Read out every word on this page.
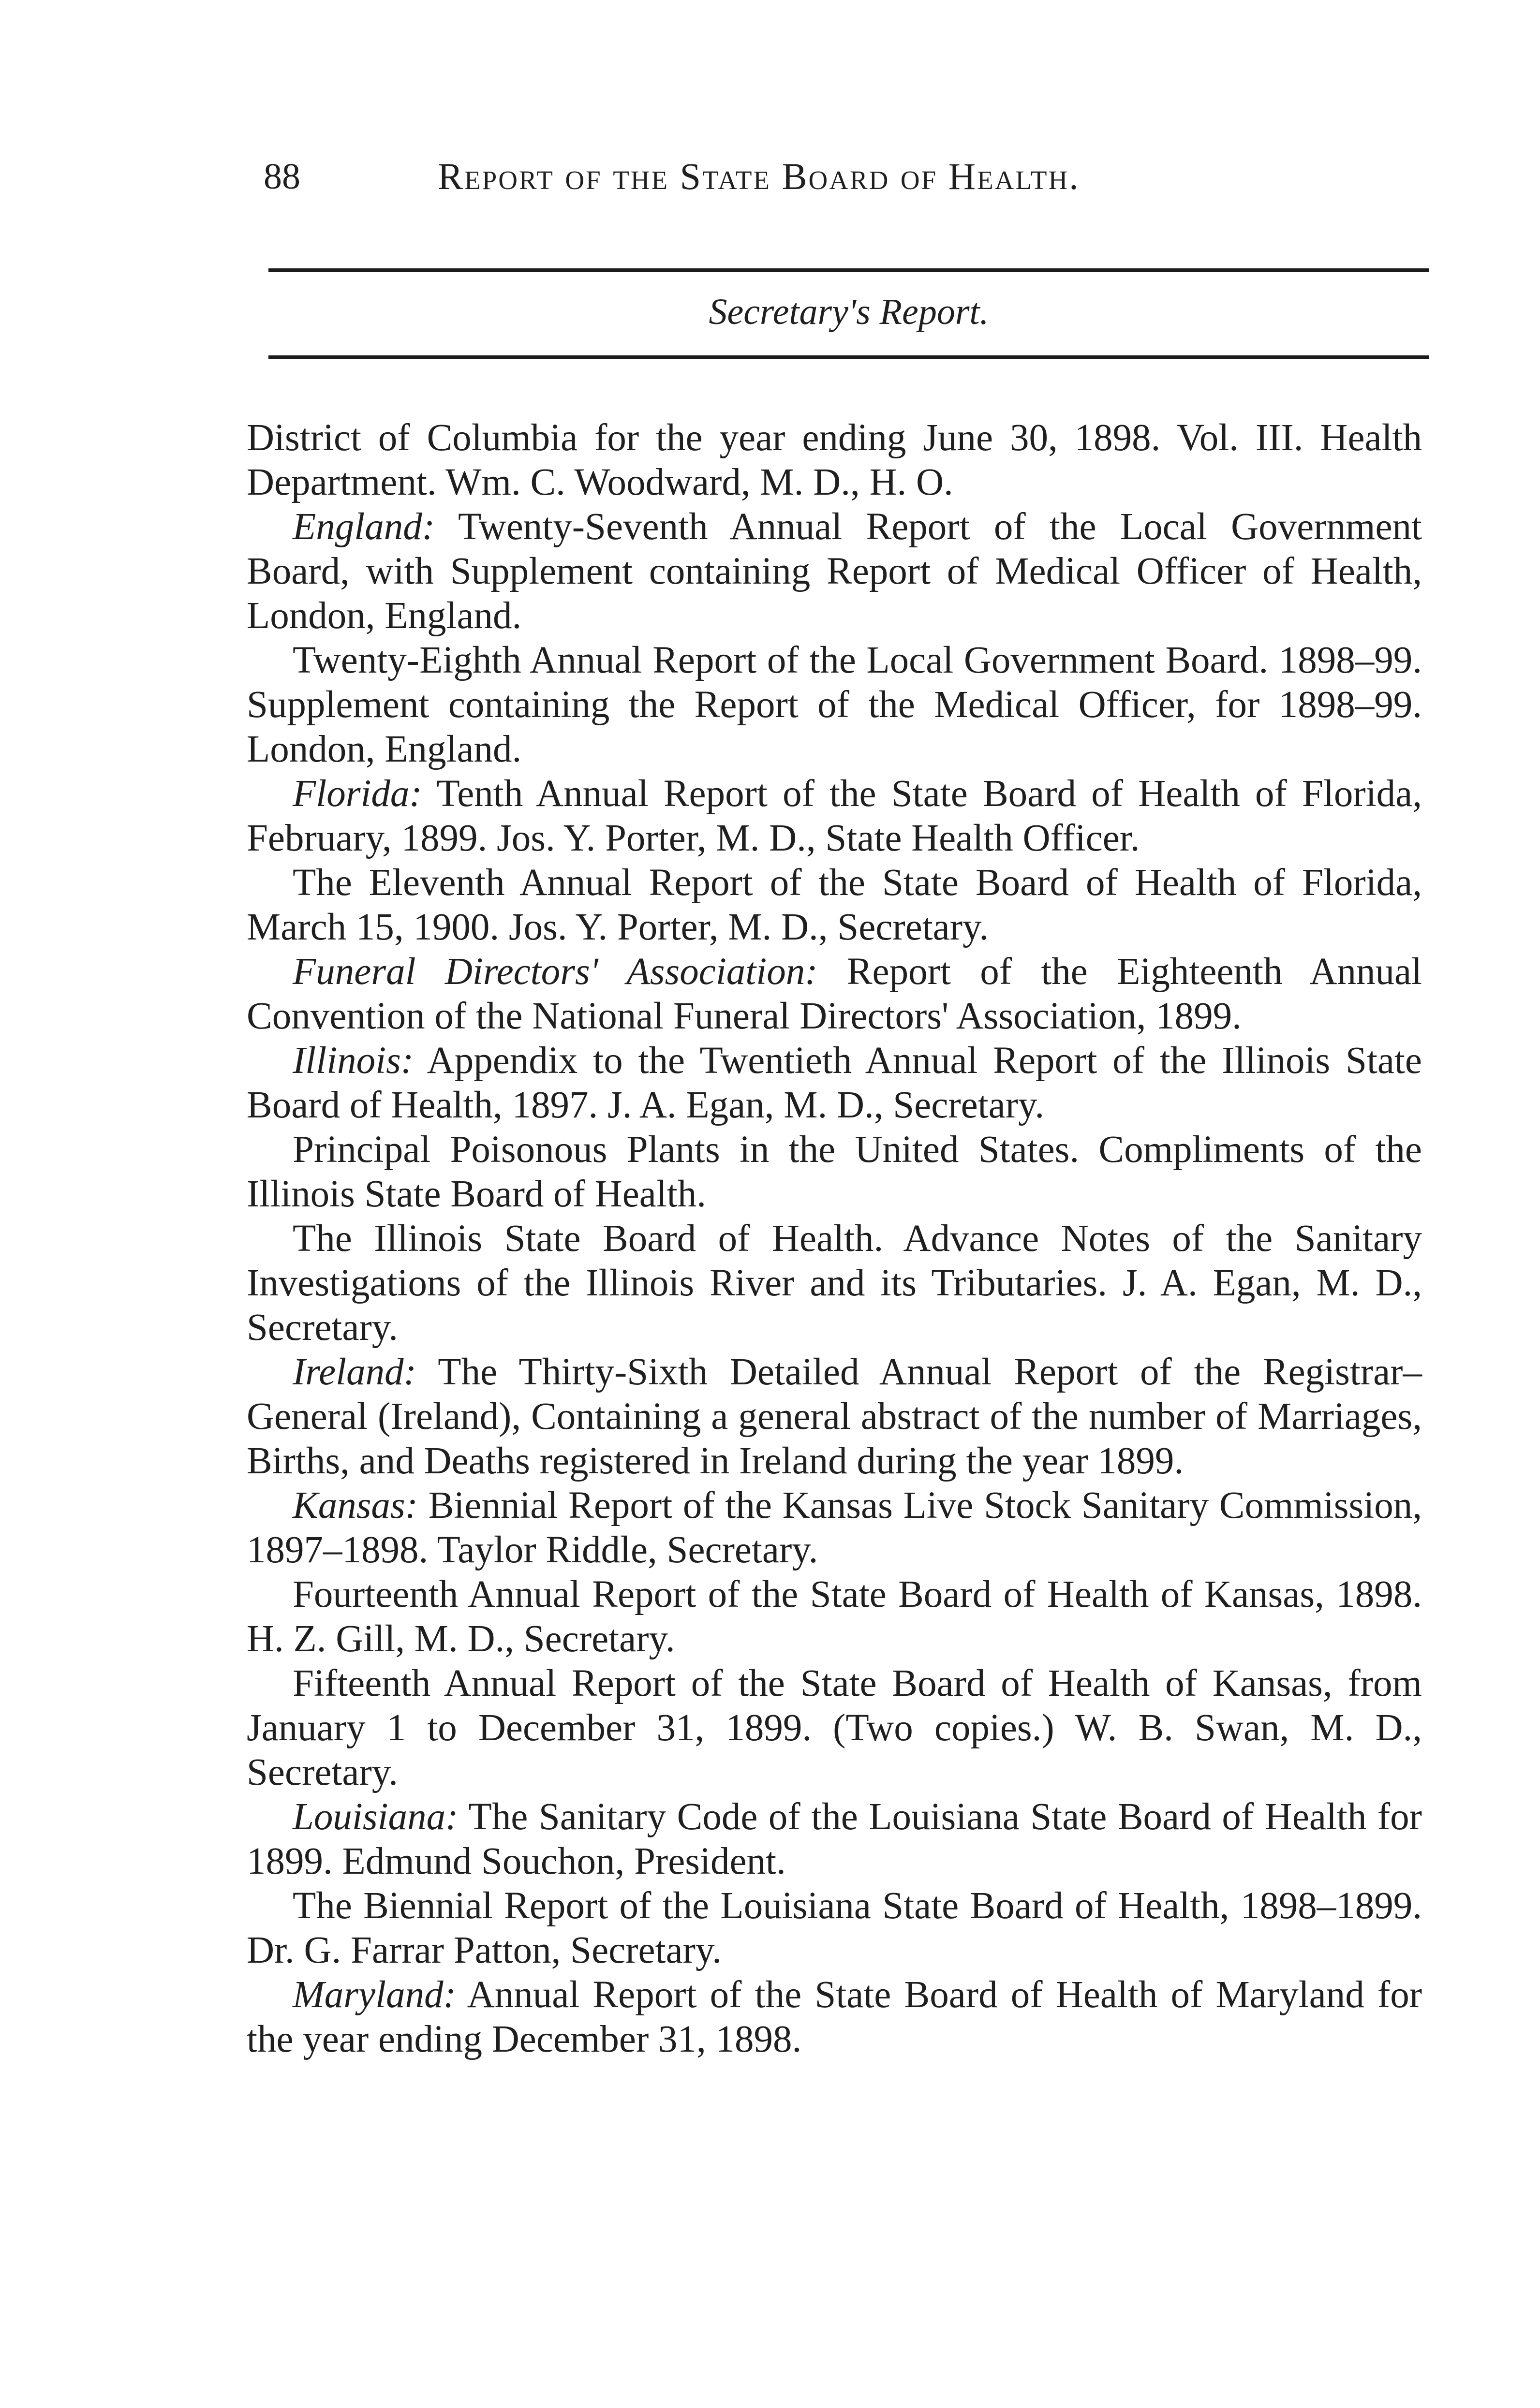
88	Report of the State Board of Health.
Secretary's Report.

District of Columbia for the year ending June 30, 1898. Vol. III. Health Department. Wm. C. Woodward, M. D., H. O.

England: Twenty-Seventh Annual Report of the Local Government Board, with Supplement containing Report of Medical Officer of Health, London, England.

Twenty-Eighth Annual Report of the Local Government Board. 1898–99. Supplement containing the Report of the Medical Officer, for 1898–99. London, England.

Florida: Tenth Annual Report of the State Board of Health of Florida, February, 1899. Jos. Y. Porter, M. D., State Health Officer.

The Eleventh Annual Report of the State Board of Health of Florida, March 15, 1900. Jos. Y. Porter, M. D., Secretary.

Funeral Directors' Association: Report of the Eighteenth Annual Convention of the National Funeral Directors' Association, 1899.

Illinois: Appendix to the Twentieth Annual Report of the Illinois State Board of Health, 1897. J. A. Egan, M. D., Secretary.

Principal Poisonous Plants in the United States. Compliments of the Illinois State Board of Health.

The Illinois State Board of Health. Advance Notes of the Sanitary Investigations of the Illinois River and its Tributaries. J. A. Egan, M. D., Secretary.

Ireland: The Thirty-Sixth Detailed Annual Report of the Registrar–General (Ireland), Containing a general abstract of the number of Marriages, Births, and Deaths registered in Ireland during the year 1899.

Kansas: Biennial Report of the Kansas Live Stock Sanitary Commission, 1897–1898. Taylor Riddle, Secretary.

Fourteenth Annual Report of the State Board of Health of Kansas, 1898. H. Z. Gill, M. D., Secretary.

Fifteenth Annual Report of the State Board of Health of Kansas, from January 1 to December 31, 1899. (Two copies.) W. B. Swan, M. D., Secretary.

Louisiana: The Sanitary Code of the Louisiana State Board of Health for 1899. Edmund Souchon, President.

The Biennial Report of the Louisiana State Board of Health, 1898–1899. Dr. G. Farrar Patton, Secretary.

Maryland: Annual Report of the State Board of Health of Maryland for the year ending December 31, 1898.
